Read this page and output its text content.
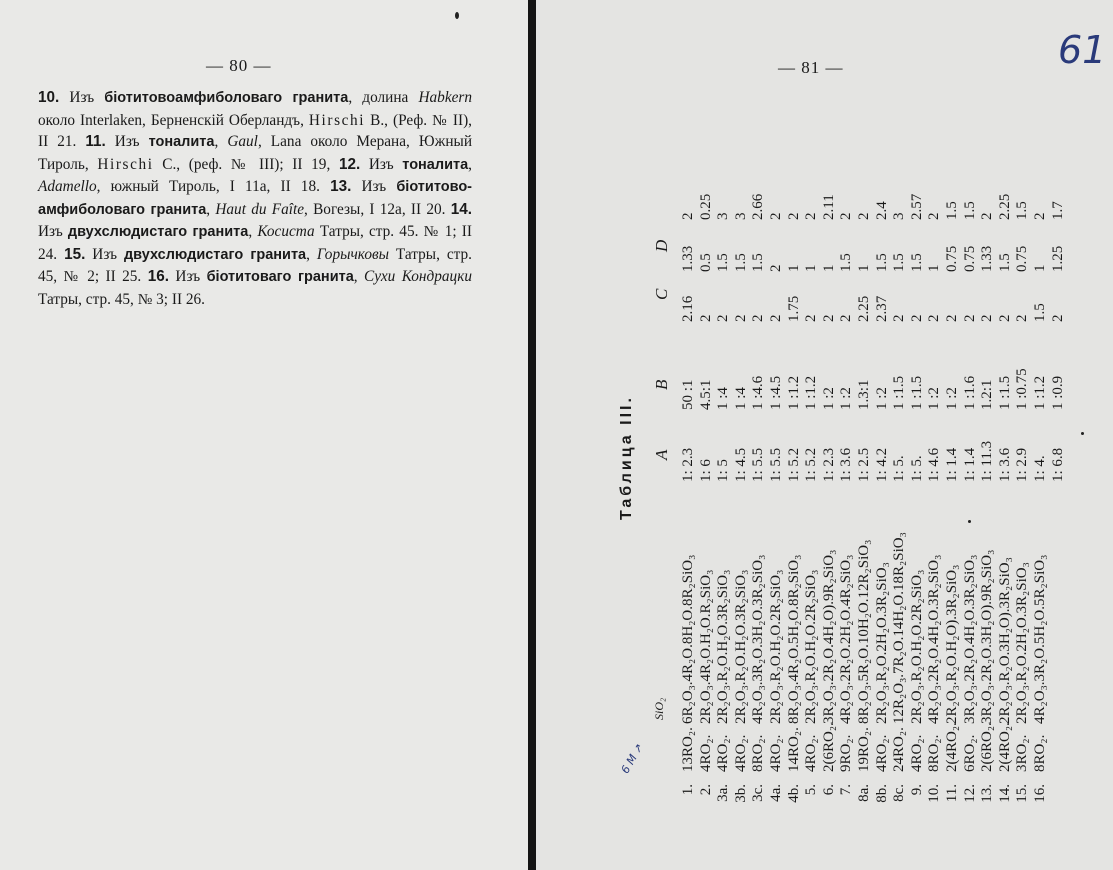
— 80 —
10. Изъ біотитовоамфиболоваго гранита, долина Habkern около Interlaken, Берненскій Оберландъ, Hirschi В., (Реф. № II), II 21. 11. Изъ тоналита, Gaul, Lana около Мерана, Южный Тироль, Hirschi С., (реф. № III); II 19, 12. Изъ тоналита, Adamello, южный Тироль, I 11а, II 18. 13. Изъ біотитово-амфиболоваго гранита, Haut du Faîte, Вогезы, I 12а, II 20. 14. Изъ двухслюдистаго гранита, Косиста Татры, стр. 45. № 1; II 24. 15. Изъ двухслюдистаго гранита, Горычковы Татры, стр. 45, № 2; II 25. 16. Изъ біотитоваго гранита, Сухи Кондрацки Татры, стр. 45, № 3; II 26.
— 81 —	61
Таблица III.
SiO₂
A
B
C
D
1.
13RO₂.
6R₂O₃.4R₂O.8H₂O.8R₂SiO₃
1: 2.3
50 :1
2.16
1.33
2
2.
4RO₂.
2R₂O₃.4R₂O.H₂O.R₂SiO₃
1: 6
4.5:1
2
0.5
0.25
3a.
4RO₂.
2R₂O₃.R₂O.H₂O.3R₂SiO₃
1: 5
1 :4
2
1.5
3
3b.
4RO₂.
2R₂O₃.R₂O.H₂O.3R₂SiO₃
1: 4.5
1 :4
2
1.5
3
3c.
8RO₂.
4R₂O₃.3R₂O.3H₂O.3R₂SiO₃
1: 5.5
1 :4.6
2
1.5
2.66
4a.
4RO₂.
2R₂O₃.R₂O.H₂O.2R₂SiO₃
1: 5.5
1 :4.5
2
2
2
4b.
14RO₂.
8R₂O₃.4R₂O.5H₂O.8R₂SiO₃
1: 5.2
1 :1.2
1.75
1
2
5.
4RO₂.
2R₂O₃.R₂O.H₂O.2R₂SiO₃
1: 5.2
1 :1.2
2
1
2
6.
2(6RO₂.
3R₂O₃.2R₂O.4H₂O).9R₂SiO₃
1: 2.3
1 :2
2
1
2.11
7.
9RO₂.
4R₂O₃.2R₂O.2H₂O.4R₂SiO₃
1: 3.6
1 :2
2
1.5
2
8a.
19RO₂.
8R₂O₃.5R₂O.10H₂O.12R₂SiO₃
1: 2.5
1.3:1
2.25
1
2
8b.
4RO₂.
2R₂O₃.R₂O.2H₂O.3R₂SiO₃
1: 4.2
1 :2
2.37
1.5
2.4
8c.
24RO₂.
12R₂O₃.7R₂O.14H₂O.18R₂SiO₃
1: 5.
1 :1.5
2
1.5
3
9.
4RO₂.
2R₂O₃.R₂O.H₂O.2R₂SiO₃
1: 5.
1 :1.5
2
1.5
2.57
10.
8RO₂.
4R₂O₃.2R₂O.4H₂O.3R₂SiO₃
1: 4.6
1 :2
2
1
2
11.
2(4RO₂.
2R₂O₃.R₂O.H₂O).3R₂SiO₃
1: 1.4
1 :2
2
0.75
1.5
12.
6RO₂.
3R₂O₃.2R₂O.4H₂O.3R₂SiO₃
1: 1.4
1 :1.6
2
0.75
1.5
13.
2(6RO₂.
3R₂O₃.2R₂O.3H₂O).9R₂SiO₃
1: 11.3
1.2:1
2
1.33
2
14.
2(4RO₂.
2R₂O₃.R₂O.3H₂O).3R₂SiO₃
1: 3.6
1 :1.5
2
1.5
2.25
15.
3RO₂.
2R₂O₃.R₂O.2H₂O.3R₂SiO₃
1: 2.9
1 :0.75
2
0.75
1.5
16.
8RO₂.
4R₂O₃.3R₂O.5H₂O.5R₂SiO₃
1: 4.
1 :1.2
1.5
1
2
1: 6.8
1 :0.9
2
1.25
1.7
6 M ↗
